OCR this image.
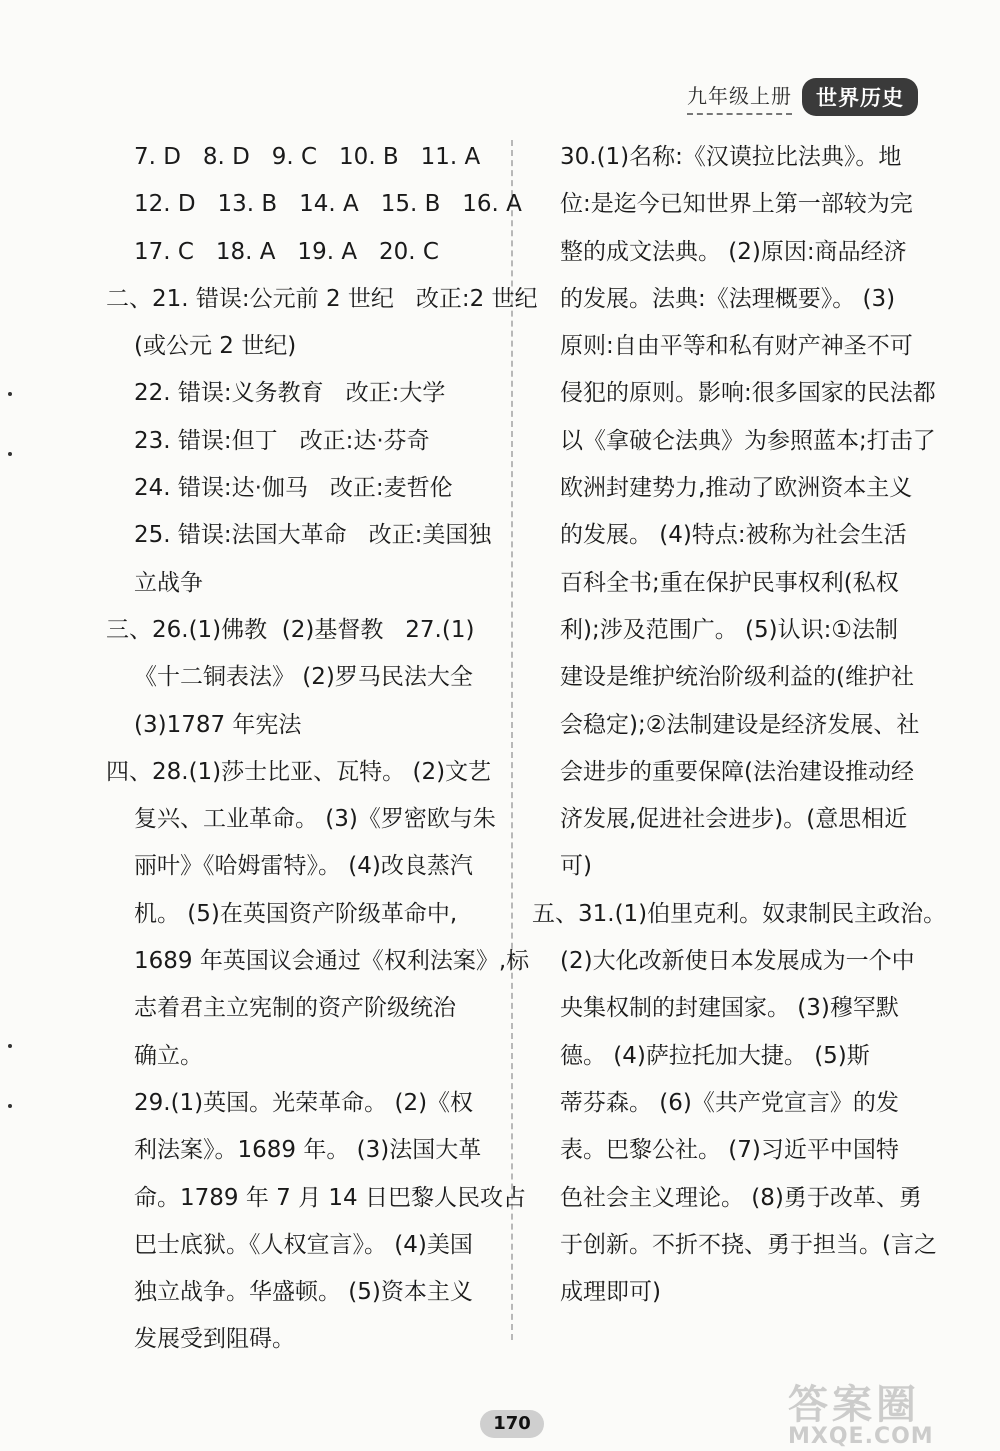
九年级上册	世界历史
7. D   8. D   9. C   10. B   11. A
12. D   13. B   14. A   15. B   16. A
17. C   18. A   19. A   20. C
二、21. 错误:公元前 2 世纪   改正:2 世纪
(或公元 2 世纪)
22. 错误:义务教育   改正:大学
23. 错误:但丁   改正:达·芬奇
24. 错误:达·伽马   改正:麦哲伦
25. 错误:法国大革命   改正:美国独
立战争
三、26.(1)佛教  (2)基督教   27.(1)
《十二铜表法》 (2)罗马民法大全
(3)1787 年宪法
四、28.(1)莎士比亚、瓦特。 (2)文艺
复兴、工业革命。 (3)《罗密欧与朱
丽叶》《哈姆雷特》。 (4)改良蒸汽
机。 (5)在英国资产阶级革命中,
1689 年英国议会通过《权利法案》,标
志着君主立宪制的资产阶级统治
确立。
29.(1)英国。光荣革命。 (2)《权
利法案》。1689 年。 (3)法国大革
命。1789 年 7 月 14 日巴黎人民攻占
巴士底狱。《人权宣言》。 (4)美国
独立战争。华盛顿。 (5)资本主义
发展受到阻碍。
30.(1)名称:《汉谟拉比法典》。地
位:是迄今已知世界上第一部较为完
整的成文法典。 (2)原因:商品经济
的发展。法典:《法理概要》。 (3)
原则:自由平等和私有财产神圣不可
侵犯的原则。影响:很多国家的民法都
以《拿破仑法典》为参照蓝本;打击了
欧洲封建势力,推动了欧洲资本主义
的发展。 (4)特点:被称为社会生活
百科全书;重在保护民事权利(私权
利);涉及范围广。 (5)认识:①法制
建设是维护统治阶级利益的(维护社
会稳定);②法制建设是经济发展、社
会进步的重要保障(法治建设推动经
济发展,促进社会进步)。(意思相近
可)
五、31.(1)伯里克利。奴隶制民主政治。
(2)大化改新使日本发展成为一个中
央集权制的封建国家。 (3)穆罕默
德。 (4)萨拉托加大捷。 (5)斯
蒂芬森。 (6)《共产党宣言》的发
表。巴黎公社。 (7)习近平中国特
色社会主义理论。 (8)勇于改革、勇
于创新。不折不挠、勇于担当。(言之
成理即可)
170	答案圈
MXQE.COM
